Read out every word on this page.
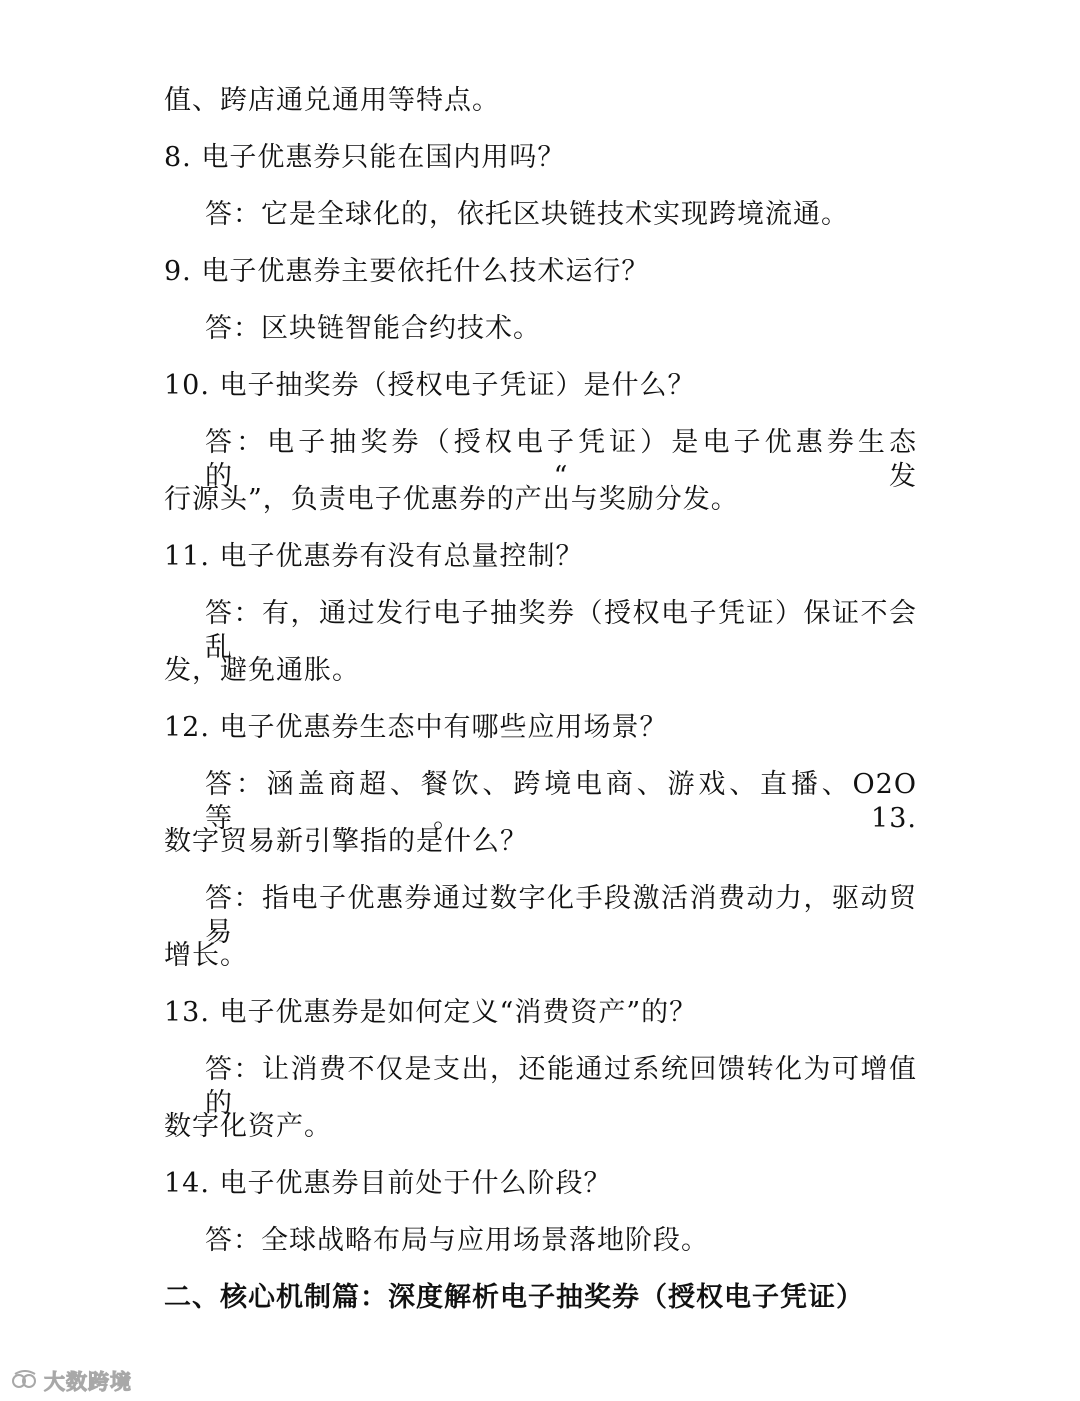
值、跨店通兑通用等特点。
8. 电子优惠券只能在国内用吗？
答：它是全球化的，依托区块链技术实现跨境流通。
9. 电子优惠券主要依托什么技术运行？
答：区块链智能合约技术。
10. 电子抽奖券（授权电子凭证）是什么？
答：电子抽奖券（授权电子凭证）是电子优惠券生态的“发
行源头”，负责电子优惠券的产出与奖励分发。
11. 电子优惠券有没有总量控制？
答：有，通过发行电子抽奖券（授权电子凭证）保证不会乱
发，避免通胀。
12. 电子优惠券生态中有哪些应用场景？
答：涵盖商超、餐饮、跨境电商、游戏、直播、O2O 等。 13.
数字贸易新引擎指的是什么？
答：指电子优惠券通过数字化手段激活消费动力，驱动贸易
增长。
13. 电子优惠券是如何定义“消费资产”的？
答：让消费不仅是支出，还能通过系统回馈转化为可增值的
数字化资产。
14. 电子优惠券目前处于什么阶段？
答：全球战略布局与应用场景落地阶段。
二、核心机制篇：深度解析电子抽奖券（授权电子凭证）
大数跨境
